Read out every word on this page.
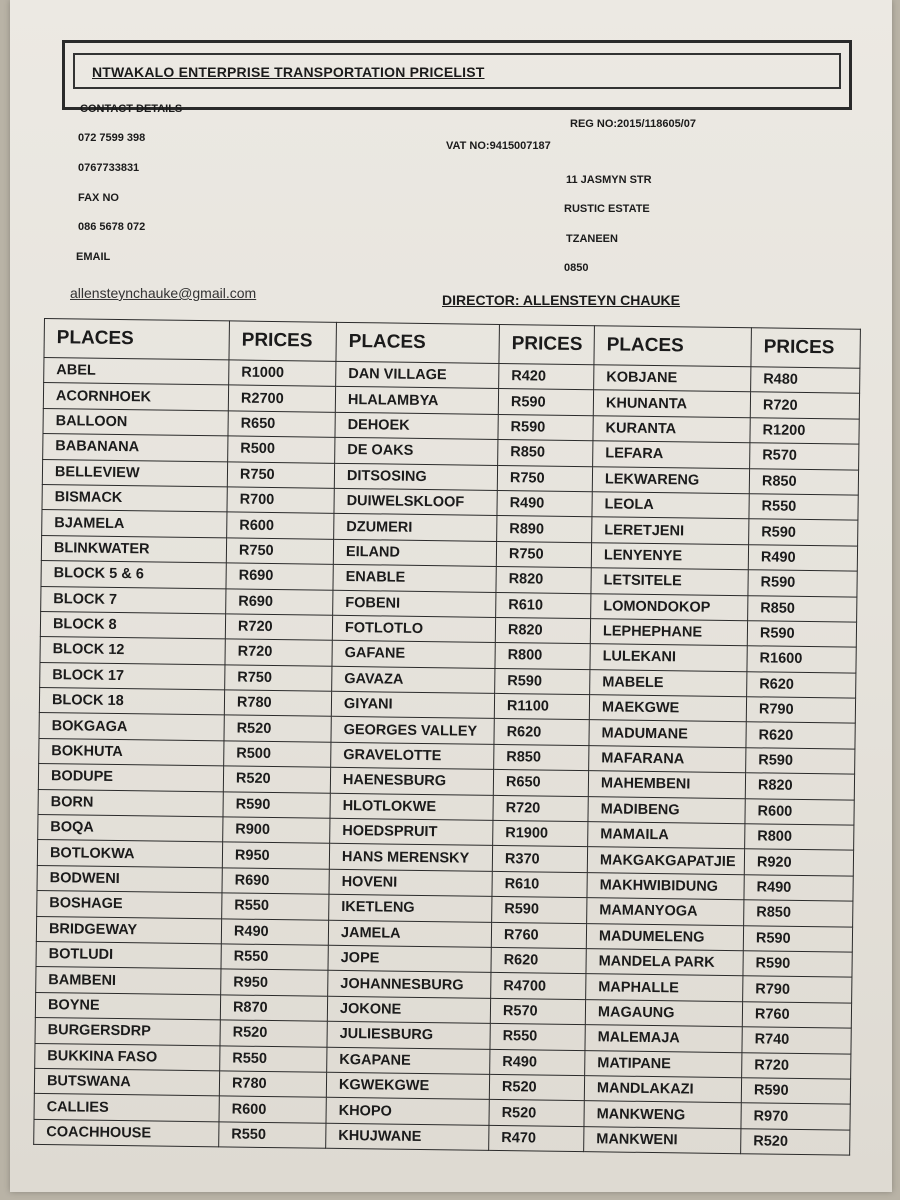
NTWAKALO ENTERPRISE TRANSPORTATION PRICELIST
CONTACT DETAILS
072 7599 398
0767733831
FAX NO
086 5678 072
EMAIL
allensteynchauke@gmail.com
REG NO:2015/118605/07
VAT NO:9415007187
11 JASMYN STR
RUSTIC ESTATE
TZANEEN
0850
DIRECTOR: ALLENSTEYN CHAUKE
PLACES	PRICES	PLACES	PRICES	PLACES	PRICES
ABEL	R1000	DAN VILLAGE	R420	KOBJANE	R480
ACORNHOEK	R2700	HLALAMBYA	R590	KHUNANTA	R720
BALLOON	R650	DEHOEK	R590	KURANTA	R1200
BABANANA	R500	DE OAKS	R850	LEFARA	R570
BELLEVIEW	R750	DITSOSING	R750	LEKWARENG	R850
BISMACK	R700	DUIWELSKLOOF	R490	LEOLA	R550
BJAMELA	R600	DZUMERI	R890	LERETJENI	R590
BLINKWATER	R750	EILAND	R750	LENYENYE	R490
BLOCK 5 & 6	R690	ENABLE	R820	LETSITELE	R590
BLOCK 7	R690	FOBENI	R610	LOMONDOKOP	R850
BLOCK 8	R720	FOTLOTLO	R820	LEPHEPHANE	R590
BLOCK 12	R720	GAFANE	R800	LULEKANI	R1600
BLOCK 17	R750	GAVAZA	R590	MABELE	R620
BLOCK 18	R780	GIYANI	R1100	MAEKGWE	R790
BOKGAGA	R520	GEORGES VALLEY	R620	MADUMANE	R620
BOKHUTA	R500	GRAVELOTTE	R850	MAFARANA	R590
BODUPE	R520	HAENESBURG	R650	MAHEMBENI	R820
BORN	R590	HLOTLOKWE	R720	MADIBENG	R600
BOQA	R900	HOEDSPRUIT	R1900	MAMAILA	R800
BOTLOKWA	R950	HANS MERENSKY	R370	MAKGAKGAPATJIE	R920
BODWENI	R690	HOVENI	R610	MAKHWIBIDUNG	R490
BOSHAGE	R550	IKETLENG	R590	MAMANYOGA	R850
BRIDGEWAY	R490	JAMELA	R760	MADUMELENG	R590
BOTLUDI	R550	JOPE	R620	MANDELA PARK	R590
BAMBENI	R950	JOHANNESBURG	R4700	MAPHALLE	R790
BOYNE	R870	JOKONE	R570	MAGAUNG	R760
BURGERSDRP	R520	JULIESBURG	R550	MALEMAJA	R740
BUKKINA FASO	R550	KGAPANE	R490	MATIPANE	R720
BUTSWANA	R780	KGWEKGWE	R520	MANDLAKAZI	R590
CALLIES	R600	KHOPO	R520	MANKWENG	R970
COACHHOUSE	R550	KHUJWANE	R470	MANKWENI	R520
